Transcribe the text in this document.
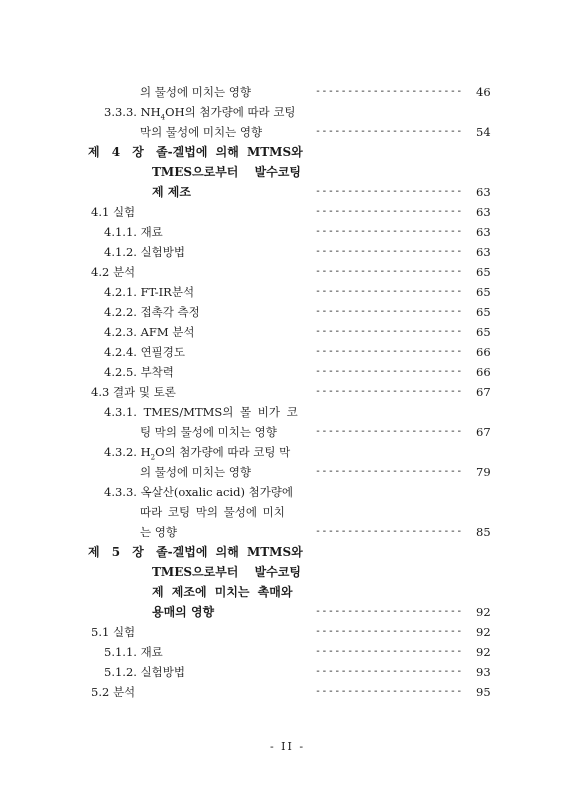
의 물성에 미치는 영향	----------------------- 46
3.3.3. $NH_4OH$의 첨가량에 따라 코팅
막의 물성에 미치는 영향	----------------------- 54
제 4 장 졸-겔법에 의해 MTMS와
TMES으로부터 발수코팅
제 제조	----------------------- 63
4.1 실험	----------------------- 63
4.1.1. 재료	----------------------- 63
4.1.2. 실험방법	----------------------- 63
4.2 분석	----------------------- 65
4.2.1. FT-IR분석	----------------------- 65
4.2.2. 접촉각 측정	----------------------- 65
4.2.3. AFM 분석	----------------------- 65
4.2.4. 연필경도	----------------------- 66
4.2.5. 부착력	----------------------- 66
4.3 결과 및 토론	----------------------- 67
4.3.1. TMES/MTMS의 몰 비가 코
팅 막의 물성에 미치는 영향	----------------------- 67
4.3.2. $H_2O$의 첨가량에 따라 코팅 막
의 물성에 미치는 영향	----------------------- 79
4.3.3. 옥살산(oxalic acid) 첨가량에
따라 코팅 막의 물성에 미치
는 영향	----------------------- 85
제 5 장 졸-겔법에 의해 MTMS와
TMES으로부터 발수코팅
제 제조에 미치는 촉매와
용매의 영향	----------------------- 92
5.1 실험	----------------------- 92
5.1.1. 재료	----------------------- 92
5.1.2. 실험방법	----------------------- 93
5.2 분석	----------------------- 95
- II -
